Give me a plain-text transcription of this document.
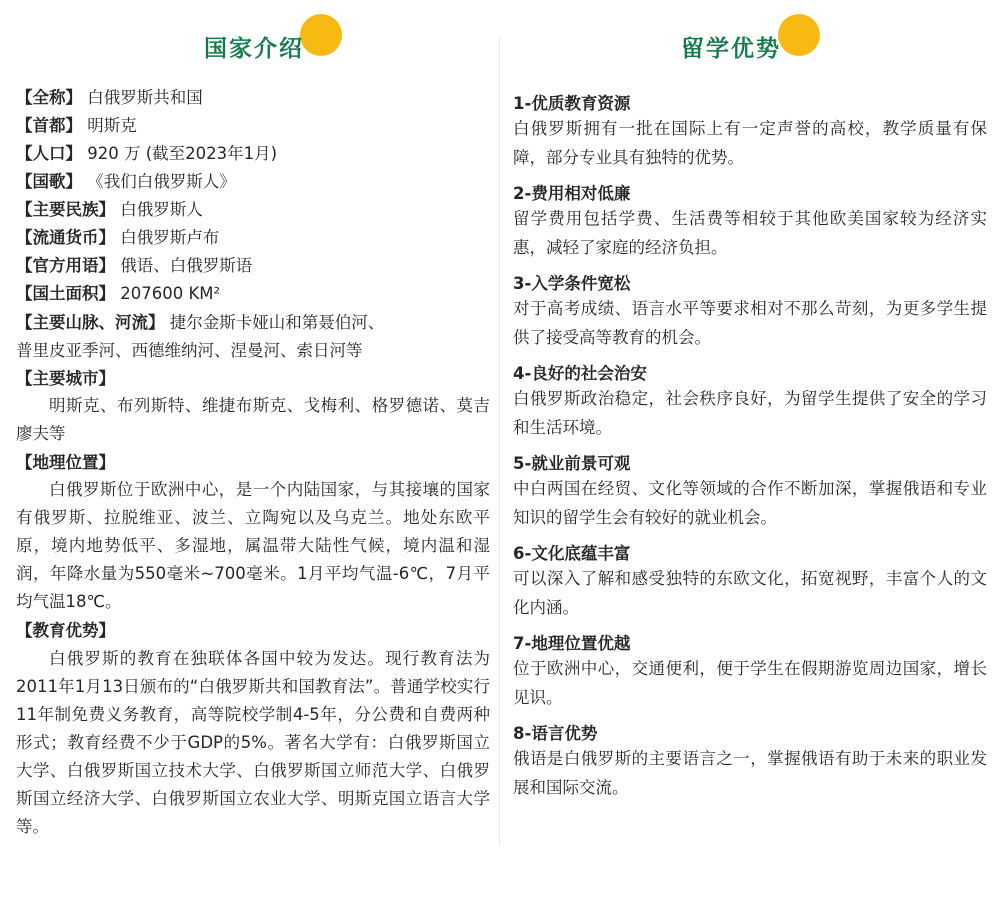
国家介绍	留学优势
【全称】 白俄罗斯共和国
【首都】 明斯克
【人口】 920 万 (截至2023年1月)
【国歌】 《我们白俄罗斯人》
【主要民族】 白俄罗斯人
【流通货币】 白俄罗斯卢布
【官方用语】 俄语、白俄罗斯语
【国土面积】 207600 KM²
【主要山脉、河流】 捷尔金斯卡娅山和第聂伯河、
普里皮亚季河、西德维纳河、涅曼河、索日河等
【主要城市】
明斯克、布列斯特、维捷布斯克、戈梅利、格罗德诺、莫吉廖夫等
【地理位置】
白俄罗斯位于欧洲中心，是一个内陆国家，与其接壤的国家有俄罗斯、拉脱维亚、波兰、立陶宛以及乌克兰。地处东欧平原，境内地势低平、多湿地，属温带大陆性气候，境内温和湿润，年降水量为550毫米~700毫米。1月平均气温-6℃，7月平均气温18℃。
【教育优势】
白俄罗斯的教育在独联体各国中较为发达。现行教育法为2011年1月13日颁布的“白俄罗斯共和国教育法”。普通学校实行11年制免费义务教育，高等院校学制4-5年，分公费和自费两种形式；教育经费不少于GDP的5%。著名大学有：白俄罗斯国立大学、白俄罗斯国立技术大学、白俄罗斯国立师范大学、白俄罗斯国立经济大学、白俄罗斯国立农业大学、明斯克国立语言大学等。
1-优质教育资源
白俄罗斯拥有一批在国际上有一定声誉的高校，教学质量有保障，部分专业具有独特的优势。
2-费用相对低廉
留学费用包括学费、生活费等相较于其他欧美国家较为经济实惠，减轻了家庭的经济负担。
3-入学条件宽松
对于高考成绩、语言水平等要求相对不那么苛刻，为更多学生提供了接受高等教育的机会。
4-良好的社会治安
白俄罗斯政治稳定，社会秩序良好，为留学生提供了安全的学习和生活环境。
5-就业前景可观
中白两国在经贸、文化等领域的合作不断加深，掌握俄语和专业知识的留学生会有较好的就业机会。
6-文化底蕴丰富
可以深入了解和感受独特的东欧文化，拓宽视野，丰富个人的文化内涵。
7-地理位置优越
位于欧洲中心，交通便利，便于学生在假期游览周边国家，增长见识。
8-语言优势
俄语是白俄罗斯的主要语言之一，掌握俄语有助于未来的职业发展和国际交流。
